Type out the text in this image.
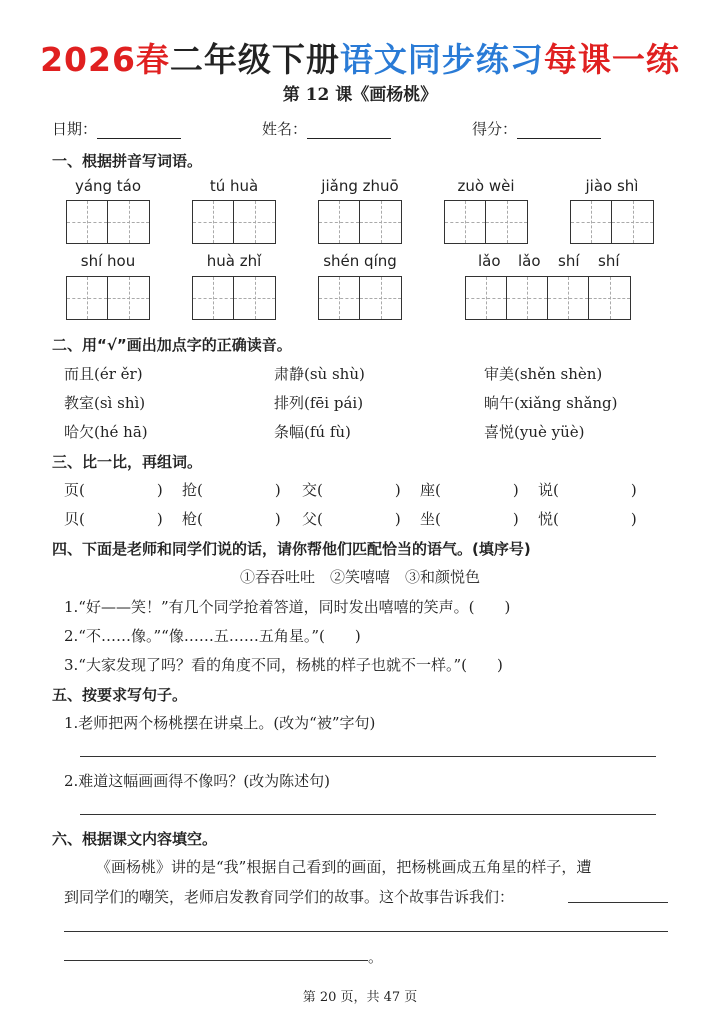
2026春二年级下册语文同步练习每课一练
第 12 课《画杨桃》
日期：	姓名：	得分：
一、根据拼音写词语。
yáng táo	tú huà	jiǎng zhuō	zuò wèi	jiào shì
shí hou	huà zhǐ	shén qíng	lǎo lǎo shí shí
二、用“√”画出加点字的正确读音。
而且(ér ěr)	肃静(sù shù)	审美(shěn shèn)
教室(sì shì)	排列(fēi pái)	晌午(xiǎng shǎng)
哈欠(hé hā)	条幅(fú fù)	喜悦(yuè yüè)
三、比一比，再组词。
页(	) 抢(	) 交(	) 座(	) 说(	)
贝(	) 枪(	) 父(	) 坐(	) 悦(	)
四、下面是老师和同学们说的话，请你帮他们匹配恰当的语气。(填序号)
①吞吞吐吐　②笑嘻嘻　③和颜悦色
1.“好——笑！”有几个同学抢着答道，同时发出嘻嘻的笑声。(　　)
2.“不……像。”“像……五……五角星。”(　　)
3.“大家发现了吗？看的角度不同，杨桃的样子也就不一样。”(　　)
五、按要求写句子。
1.老师把两个杨桃摆在讲桌上。(改为“被”字句)
2.难道这幅画画得不像吗？(改为陈述句)
六、根据课文内容填空。
《画杨桃》讲的是“我”根据自己看到的画面，把杨桃画成五角星的样子，遭
到同学们的嘲笑，老师启发教育同学们的故事。这个故事告诉我们：
。
第 20 页，共 47 页
